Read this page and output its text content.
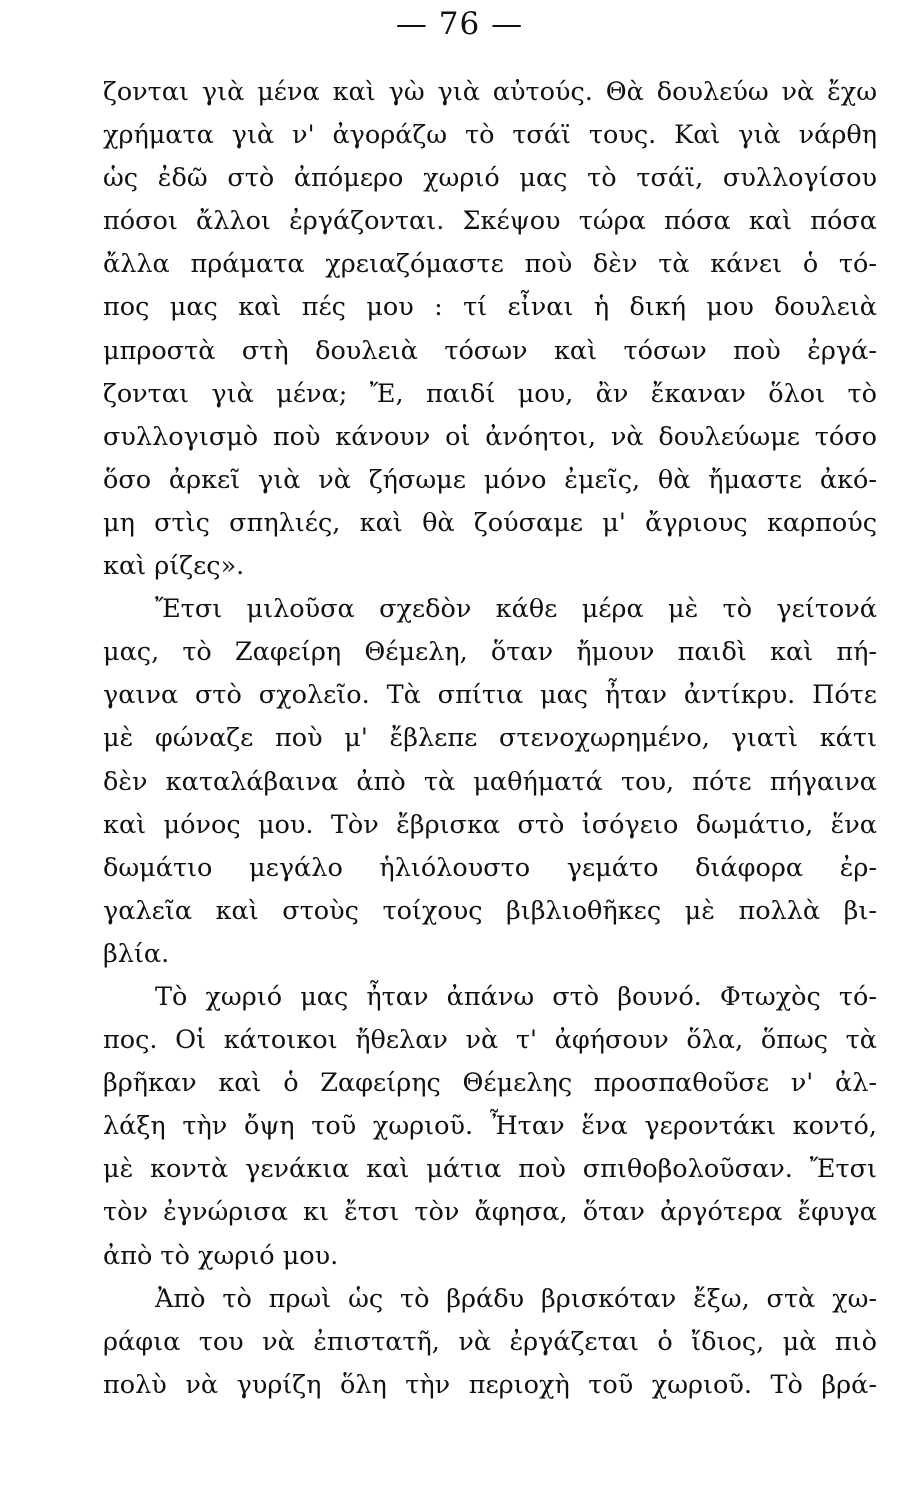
— 76 —
ζονται γιὰ μένα καὶ γὼ γιὰ αὐτούς. Θὰ δουλεύω νὰ ἔχω
χρήματα γιὰ ν' ἀγοράζω τὸ τσάϊ τους. Καὶ γιὰ νάρθη
ὡς ἐδῶ στὸ ἀπόμερο χωριό μας τὸ τσάϊ, συλλογίσου
πόσοι ἄλλοι ἐργάζονται. Σκέψου τώρα πόσα καὶ πόσα
ἄλλα πράματα χρειαζόμαστε ποὺ δὲν τὰ κάνει ὁ τό-
πος μας καὶ πές μου : τί εἶναι ἡ δική μου δουλειὰ
μπροστὰ στὴ δουλειὰ τόσων καὶ τόσων ποὺ ἐργά-
ζονται γιὰ μένα; Ἔ, παιδί μου, ἂν ἔκαναν ὅλοι τὸ
συλλογισμὸ ποὺ κάνουν οἱ ἀνόητοι, νὰ δουλεύωμε τόσο
ὅσο ἀρκεῖ γιὰ νὰ ζήσωμε μόνο ἐμεῖς, θὰ ἤμαστε ἀκό-
μη στὶς σπηλιές, καὶ θὰ ζούσαμε μ' ἄγριους καρπούς
καὶ ρίζες».
Ἔτσι μιλοῦσα σχεδὸν κάθε μέρα μὲ τὸ γείτονά
μας, τὸ Ζαφείρη Θέμελη, ὅταν ἤμουν παιδὶ καὶ πή-
γαινα στὸ σχολεῖο. Τὰ σπίτια μας ἦταν ἀντίκρυ. Πότε
μὲ φώναζε ποὺ μ' ἔβλεπε στενοχωρημένο, γιατὶ κάτι
δὲν καταλάβαινα ἀπὸ τὰ μαθήματά του, πότε πήγαινα
καὶ μόνος μου. Τὸν ἔβρισκα στὸ ἰσόγειο δωμάτιο, ἕνα
δωμάτιο μεγάλο ἡλιόλουστο γεμάτο διάφορα ἐρ-
γαλεῖα καὶ στοὺς τοίχους βιβλιοθῆκες μὲ πολλὰ βι-
βλία.
Τὸ χωριό μας ἦταν ἀπάνω στὸ βουνό. Φτωχὸς τό-
πος. Οἱ κάτοικοι ἤθελαν νὰ τ' ἀφήσουν ὅλα, ὅπως τὰ
βρῆκαν καὶ ὁ Ζαφείρης Θέμελης προσπαθοῦσε ν' ἀλ-
λάξη τὴν ὄψη τοῦ χωριοῦ. Ἦταν ἕνα γεροντάκι κοντό,
μὲ κοντὰ γενάκια καὶ μάτια ποὺ σπιθοβολοῦσαν. Ἔτσι
τὸν ἐγνώρισα κι ἔτσι τὸν ἄφησα, ὅταν ἀργότερα ἔφυγα
ἀπὸ τὸ χωριό μου.
Ἀπὸ τὸ πρωὶ ὡς τὸ βράδυ βρισκόταν ἔξω, στὰ χω-
ράφια του νὰ ἐπιστατῆ, νὰ ἐργάζεται ὁ ἴδιος, μὰ πιὸ
πολὺ νὰ γυρίζη ὅλη τὴν περιοχὴ τοῦ χωριοῦ. Τὸ βρά-
